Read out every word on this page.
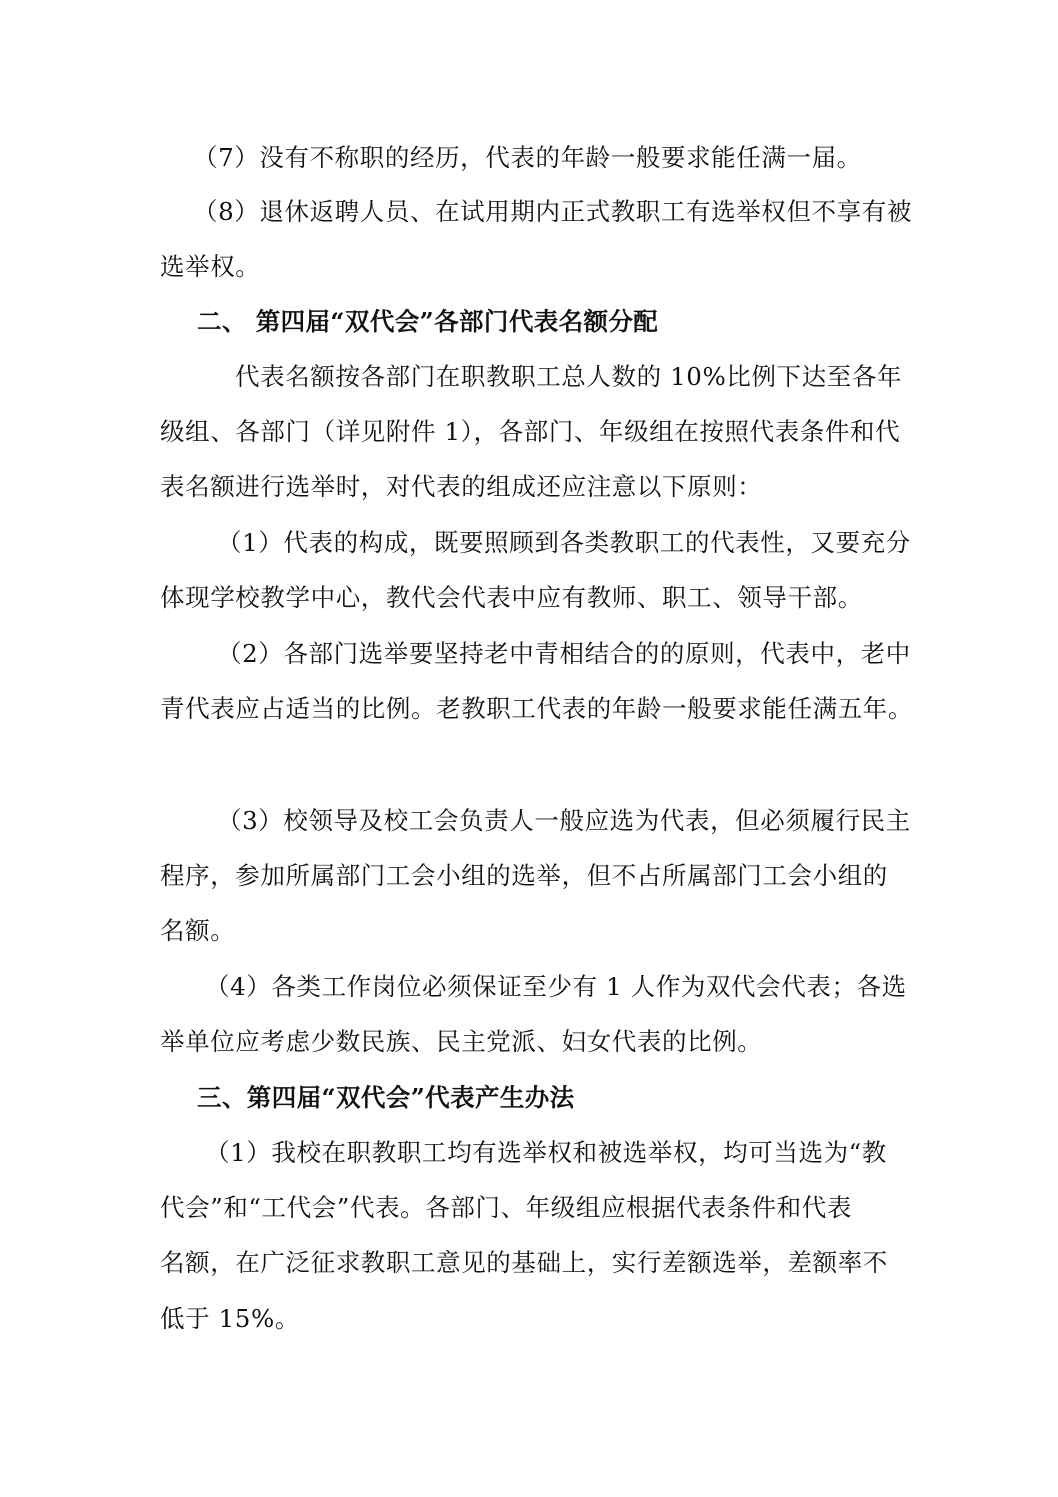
（7）没有不称职的经历，代表的年龄一般要求能任满一届。
（8）退休返聘人员、在试用期内正式教职工有选举权但不享有被
选举权。
二、 第四届“双代会”各部门代表名额分配
代表名额按各部门在职教职工总人数的 10%比例下达至各年
级组、各部门（详见附件 1），各部门、年级组在按照代表条件和代
表名额进行选举时，对代表的组成还应注意以下原则：
（1）代表的构成，既要照顾到各类教职工的代表性，又要充分
体现学校教学中心，教代会代表中应有教师、职工、领导干部。
（2）各部门选举要坚持老中青相结合的的原则，代表中，老中
青代表应占适当的比例。老教职工代表的年龄一般要求能任满五年。
（3）校领导及校工会负责人一般应选为代表，但必须履行民主
程序，参加所属部门工会小组的选举，但不占所属部门工会小组的
名额。
（4）各类工作岗位必须保证至少有 1 人作为双代会代表；各选
举单位应考虑少数民族、民主党派、妇女代表的比例。
三、第四届“双代会”代表产生办法
（1）我校在职教职工均有选举权和被选举权，均可当选为“教
代会”和“工代会”代表。各部门、年级组应根据代表条件和代表
名额，在广泛征求教职工意见的基础上，实行差额选举，差额率不
低于 15%。
